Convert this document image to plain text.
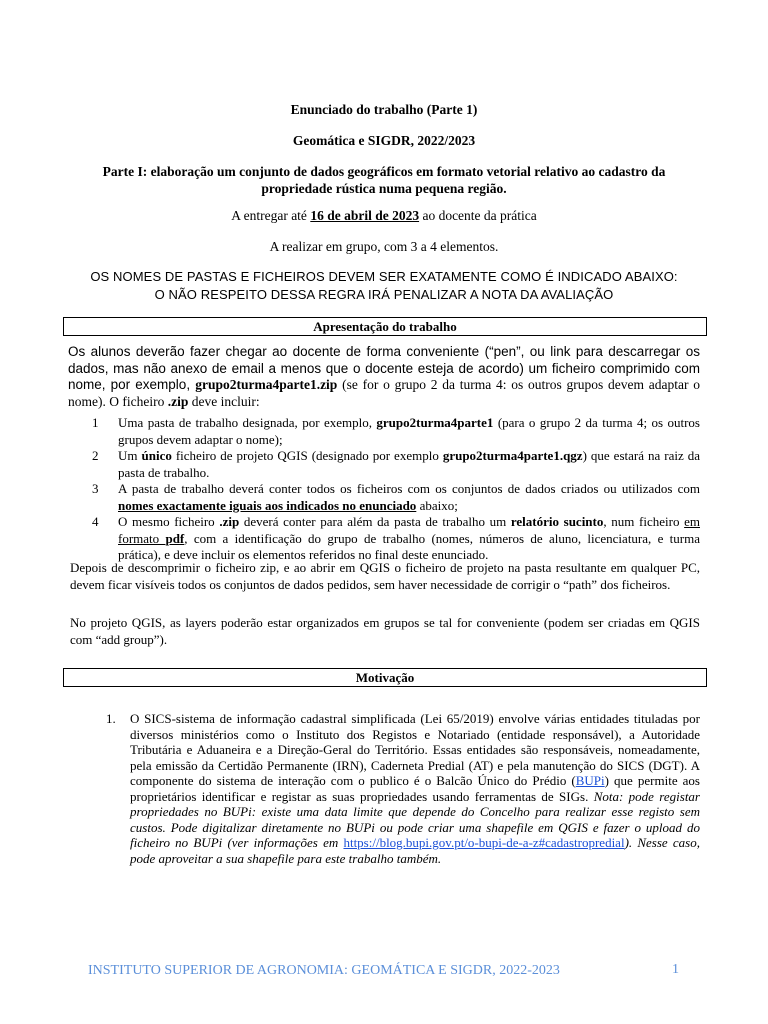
Enunciado do trabalho (Parte 1)
Geomática e SIGDR, 2022/2023
Parte I: elaboração um conjunto de dados geográficos em formato vetorial relativo ao cadastro da propriedade rústica numa pequena região.
A entregar até 16 de abril de 2023 ao docente da prática
A realizar em grupo, com 3 a 4 elementos.
OS NOMES DE PASTAS E FICHEIROS DEVEM SER EXATAMENTE COMO É INDICADO ABAIXO:
O NÃO RESPEITO DESSA REGRA IRÁ PENALIZAR A NOTA DA AVALIAÇÃO
Apresentação do trabalho
Os alunos deverão fazer chegar ao docente de forma conveniente (“pen”, ou link para descarregar os dados, mas não anexo de email a menos que o docente esteja de acordo) um ficheiro comprimido com nome, por exemplo, grupo2turma4parte1.zip (se for o grupo 2 da turma 4: os outros grupos devem adaptar o nome). O ficheiro .zip deve incluir:
1 Uma pasta de trabalho designada, por exemplo, grupo2turma4parte1 (para o grupo 2 da turma 4; os outros grupos devem adaptar o nome);
2 Um único ficheiro de projeto QGIS (designado por exemplo grupo2turma4parte1.qgz) que estará na raiz da pasta de trabalho.
3 A pasta de trabalho deverá conter todos os ficheiros com os conjuntos de dados criados ou utilizados com nomes exactamente iguais aos indicados no enunciado abaixo;
4 O mesmo ficheiro .zip deverá conter para além da pasta de trabalho um relatório sucinto, num ficheiro em formato pdf, com a identificação do grupo de trabalho (nomes, números de aluno, licenciatura, e turma prática), e deve incluir os elementos referidos no final deste enunciado.
Depois de descomprimir o ficheiro zip, e ao abrir em QGIS o ficheiro de projeto na pasta resultante em qualquer PC, devem ficar visíveis todos os conjuntos de dados pedidos, sem haver necessidade de corrigir o “path” dos ficheiros.
No projeto QGIS, as layers poderão estar organizados em grupos se tal for conveniente (podem ser criadas em QGIS com “add group”).
Motivação
1. O SICS-sistema de informação cadastral simplificada (Lei 65/2019) envolve várias entidades tituladas por diversos ministérios como o Instituto dos Registos e Notariado (entidade responsável), a Autoridade Tributária e Aduaneira e a Direção-Geral do Território. Essas entidades são responsáveis, nomeadamente, pela emissão da Certidão Permanente (IRN), Caderneta Predial (AT) e pela manutenção do SICS (DGT). A componente do sistema de interação com o publico é o Balcão Único do Prédio (BUPi) que permite aos proprietários identificar e registar as suas propriedades usando ferramentas de SIGs. Nota: pode registar propriedades no BUPi: existe uma data limite que depende do Concelho para realizar esse registo sem custos. Pode digitalizar diretamente no BUPi ou pode criar uma shapefile em QGIS e fazer o upload do ficheiro no BUPi (ver informações em https://blog.bupi.gov.pt/o-bupi-de-a-z#cadastropredial). Nesse caso, pode aproveitar a sua shapefile para este trabalho também.
INSTITUTO SUPERIOR DE AGRONOMIA: GEOMÁTICA E SIGDR, 2022-2023	1
